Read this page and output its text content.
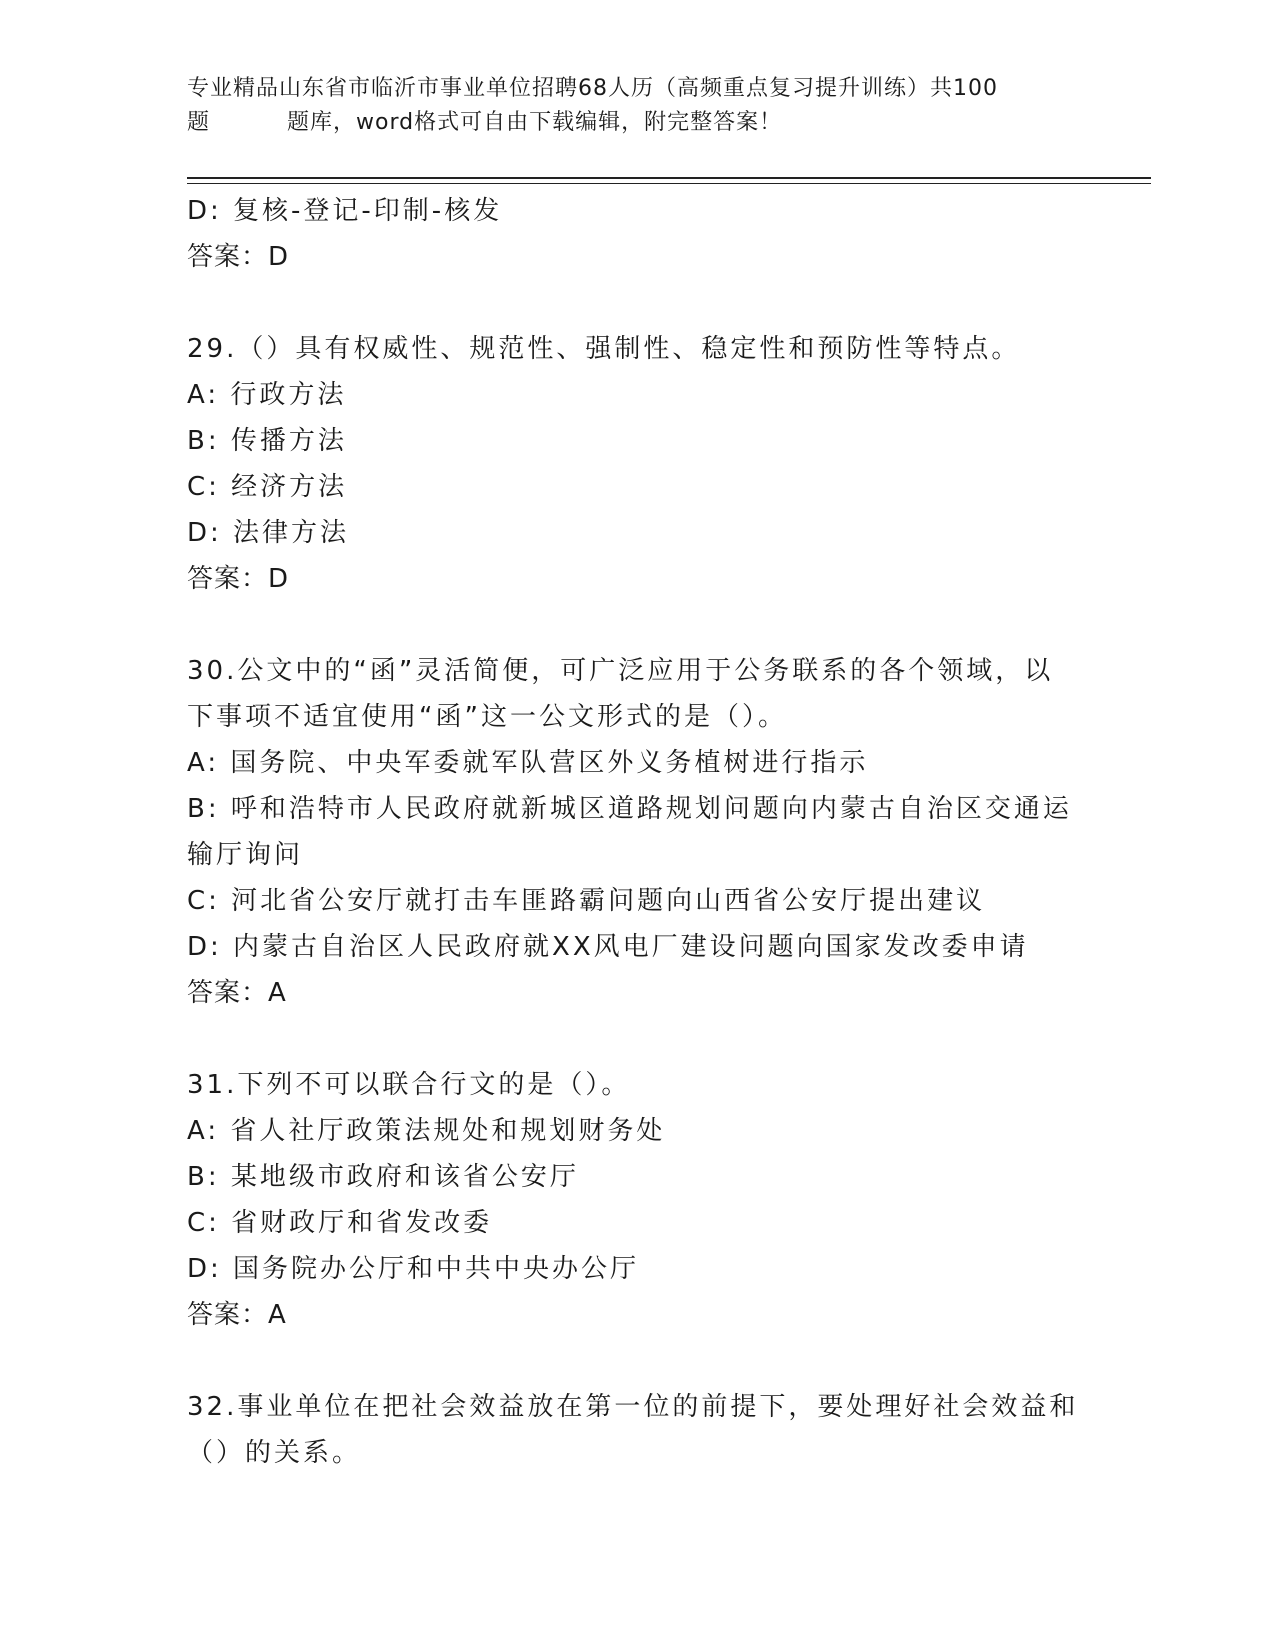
专业精品山东省市临沂市事业单位招聘68人历（高频重点复习提升训练）共100
题	题库，word格式可自由下载编辑，附完整答案！
D: 复核-登记-印制-核发
答案：D
29.（）具有权威性、规范性、强制性、稳定性和预防性等特点。
A: 行政方法
B: 传播方法
C: 经济方法
D: 法律方法
答案：D
30.公文中的“函”灵活简便，可广泛应用于公务联系的各个领域，以
下事项不适宜使用“函”这一公文形式的是（）。
A: 国务院、中央军委就军队营区外义务植树进行指示
B: 呼和浩特市人民政府就新城区道路规划问题向内蒙古自治区交通运
输厅询问
C: 河北省公安厅就打击车匪路霸问题向山西省公安厅提出建议
D: 内蒙古自治区人民政府就XX风电厂建设问题向国家发改委申请
答案：A
31.下列不可以联合行文的是（）。
A: 省人社厅政策法规处和规划财务处
B: 某地级市政府和该省公安厅
C: 省财政厅和省发改委
D: 国务院办公厅和中共中央办公厅
答案：A
32.事业单位在把社会效益放在第一位的前提下，要处理好社会效益和
（）的关系。
